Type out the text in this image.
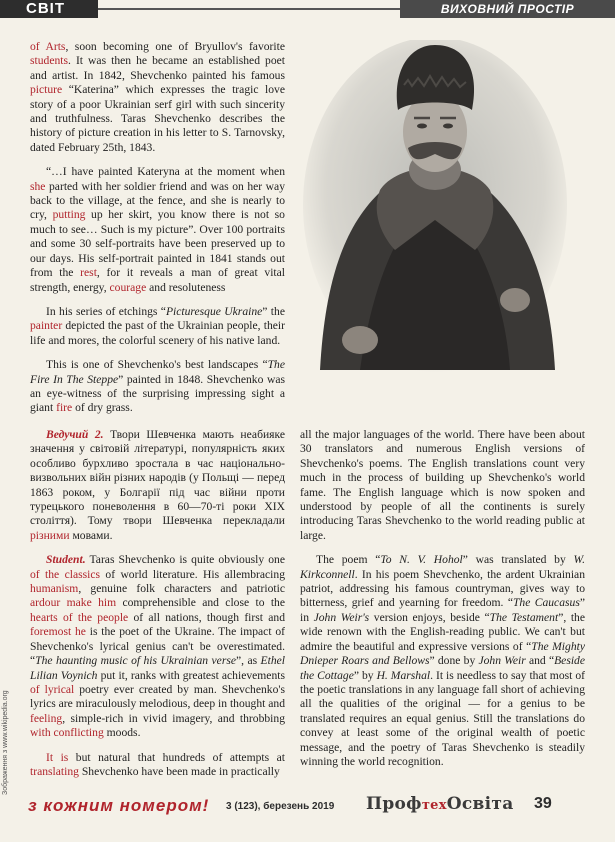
СВІТ	ВИХОВНИЙ ПРОСТІР

of Arts, soon becoming one of Bryullov's favorite students. It was then he became an established poet and artist. In 1842, Shevchenko painted his famous picture “Katerina” which expresses the tragic love story of a poor Ukrainian serf girl with such sincerity and truthfulness. Taras Shevchenko describes the history of picture creation in his letter to S. Tarnovsky, dated February 25th, 1843.

“…I have painted Kateryna at the moment when she parted with her soldier friend and was on her way back to the village, at the fence, and she is nearly to cry, putting up her skirt, you know there is not so much to see… Such is my picture”. Over 100 portraits and some 30 self-portraits have been preserved up to our days. His self-portrait painted in 1841 stands out from the rest, for it reveals a man of great vital strength, energy, courage and resoluteness

In his series of etchings “Picturesque Ukraine” the painter depicted the past of the Ukrainian people, their life and mores, the colorful scenery of his native land.

This is one of Shevchenko's best landscapes “The Fire In The Steppe” painted in 1848. Shevchenko was an eye-witness of the surprising impressing sight a giant fire of dry grass.

Ведучий 2. Твори Шевченка мають неабияке значення у світовій літературі, популярність яких особливо бурхливо зростала в час національно-визвольних війн різних народів (у Польщі — перед 1863 роком, у Болгарії під час війни проти турецького поневолення в 60—70-ті роки XIX століття). Тому твори Шевченка перекладали різними мовами.

Student. Taras Shevchenko is quite obviously one of the classics of world literature. His allembracing humanism, genuine folk characters and patriotic ardour make him comprehensible and close to the hearts of the people of all nations, though first and foremost he is the poet of the Ukraine. The impact of Shevchenko's lyrical genius can't be overestimated. “The haunting music of his Ukrainian verse”, as Ethel Lilian Voynich put it, ranks with greatest achievements of lyrical poetry ever created by man. Shevchenko's lyrics are miraculously melodious, deep in thought and feeling, simple-rich in vivid imagery, and throbbing with conflicting moods.

It is but natural that hundreds of attempts at translating Shevchenko have been made in practically

all the major languages of the world. There have been about 30 translators and numerous English versions of Shevchenko's poems. The English translations count very much in the process of building up Shevchenko's world fame. The English language which is now spoken and understood by people of all the continents is surely introducing Taras Shevchenko to the world reading public at large.

The poem “To N. V. Hohol” was translated by W. Kirkconnell. In his poem Shevchenko, the ardent Ukrainian patriot, addressing his famous countryman, gives way to bitterness, grief and yearning for freedom. “The Caucasus” in John Weir's version enjoys, beside “The Testament”, the wide renown with the English-reading public. We can't but admire the beautiful and expressive versions of “The Mighty Dnieper Roars and Bellows” done by John Weir and “Beside the Cottage” by H. Marshal. It is needless to say that most of the poetic translations in any language fall short of achieving all the qualities of the original — for a genius to be translated requires an equal genius. Still the translations do convey at least some of the original wealth of poetic message, and the poetry of Taras Shevchenko is steadily winning the world recognition.

Зображення з www.wikipedia.org
з кожним номером! 3 (123), березень 2019 ПрофтехОсвіта 39
